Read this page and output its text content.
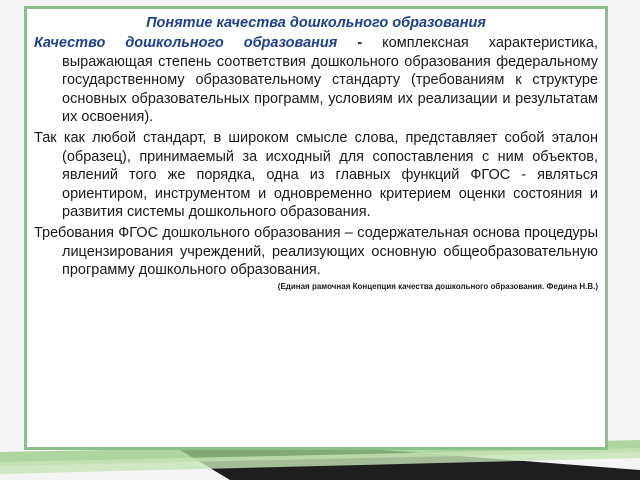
Понятие качества дошкольного образования

Качество дошкольного образования - комплексная характеристика, выражающая степень соответствия дошкольного образования федеральному государственному образовательному стандарту (требованиям к структуре основных образовательных программ, условиям их реализации и результатам их освоения).

Так как любой стандарт, в широком смысле слова, представляет собой эталон (образец), принимаемый за исходный для сопоставления с ним объектов, явлений того же порядка, одна из главных функций ФГОС - являться ориентиром, инструментом и одновременно критерием оценки состояния и развития системы дошкольного образования.

Требования ФГОС дошкольного образования – содержательная основа процедуры лицензирования учреждений, реализующих основную общеобразовательную программу дошкольного образования.

(Единая рамочная Концепция качества дошкольного образования. Федина Н.В.)
